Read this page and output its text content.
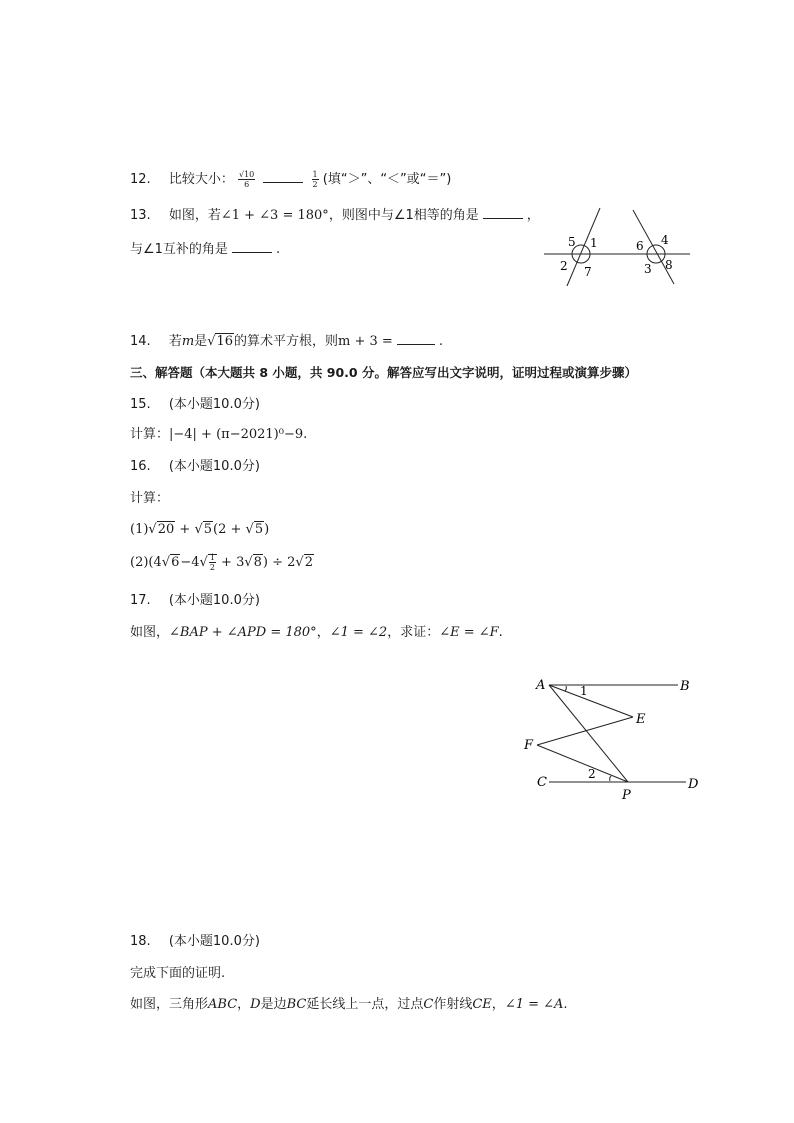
12. 比较大小： $\frac{√10}{6}$
	$\frac{1}{2}$ (填“＞”、“＜”或“＝”)
13. 如图，若∠1 + ∠3 = 180°，则图中与∠1相等的角是	，
与∠1互补的角是	.	5 1
2 7
6 4
3 8
14. 若m是√16的算术平方根，则m + 3 =	.
三、解答题（本大题共 8 小题，共 90.0 分。解答应写出文字说明，证明过程或演算步骤）
15. (本小题10.0分)
计算：|−4| + (π−2021)⁰−9.
16. (本小题10.0分)
计算：
(1)√20 + √5(2 + √5)
$(2)(4√6-4√ \frac{1}{2} + 3√8) \div 2√2$
17. (本小题10.0分)
如图，∠BAP + ∠APD = 180°，∠1 = ∠2，求证：∠E = ∠F.
A	B
1
E
F
C
2
P
D
18. (本小题10.0分)
完成下面的证明.
如图，三角形ABC，D是边BC延长线上一点，过点C作射线CE，∠1 = ∠A.
